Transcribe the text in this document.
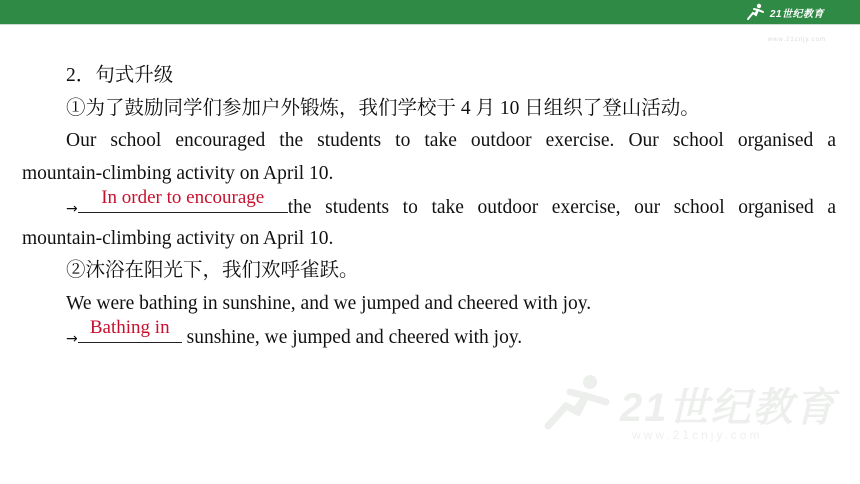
21世纪教育
www.21cnjy.com
2．句式升级
①为了鼓励同学们参加户外锻炼，我们学校于 4 月 10 日组织了登山活动。
Our school encouraged the students to take outdoor exercise. Our school organised a
mountain-climbing activity on April 10.
→
In order to encourage	the students to take outdoor exercise, our school organised a
mountain-climbing activity on April 10.
②沐浴在阳光下，我们欢呼雀跃。
We were bathing in sunshine, and we jumped and cheered with joy.
→
Bathing in sunshine, we jumped and cheered with joy.
21世纪教育
www.21cnjy.com
